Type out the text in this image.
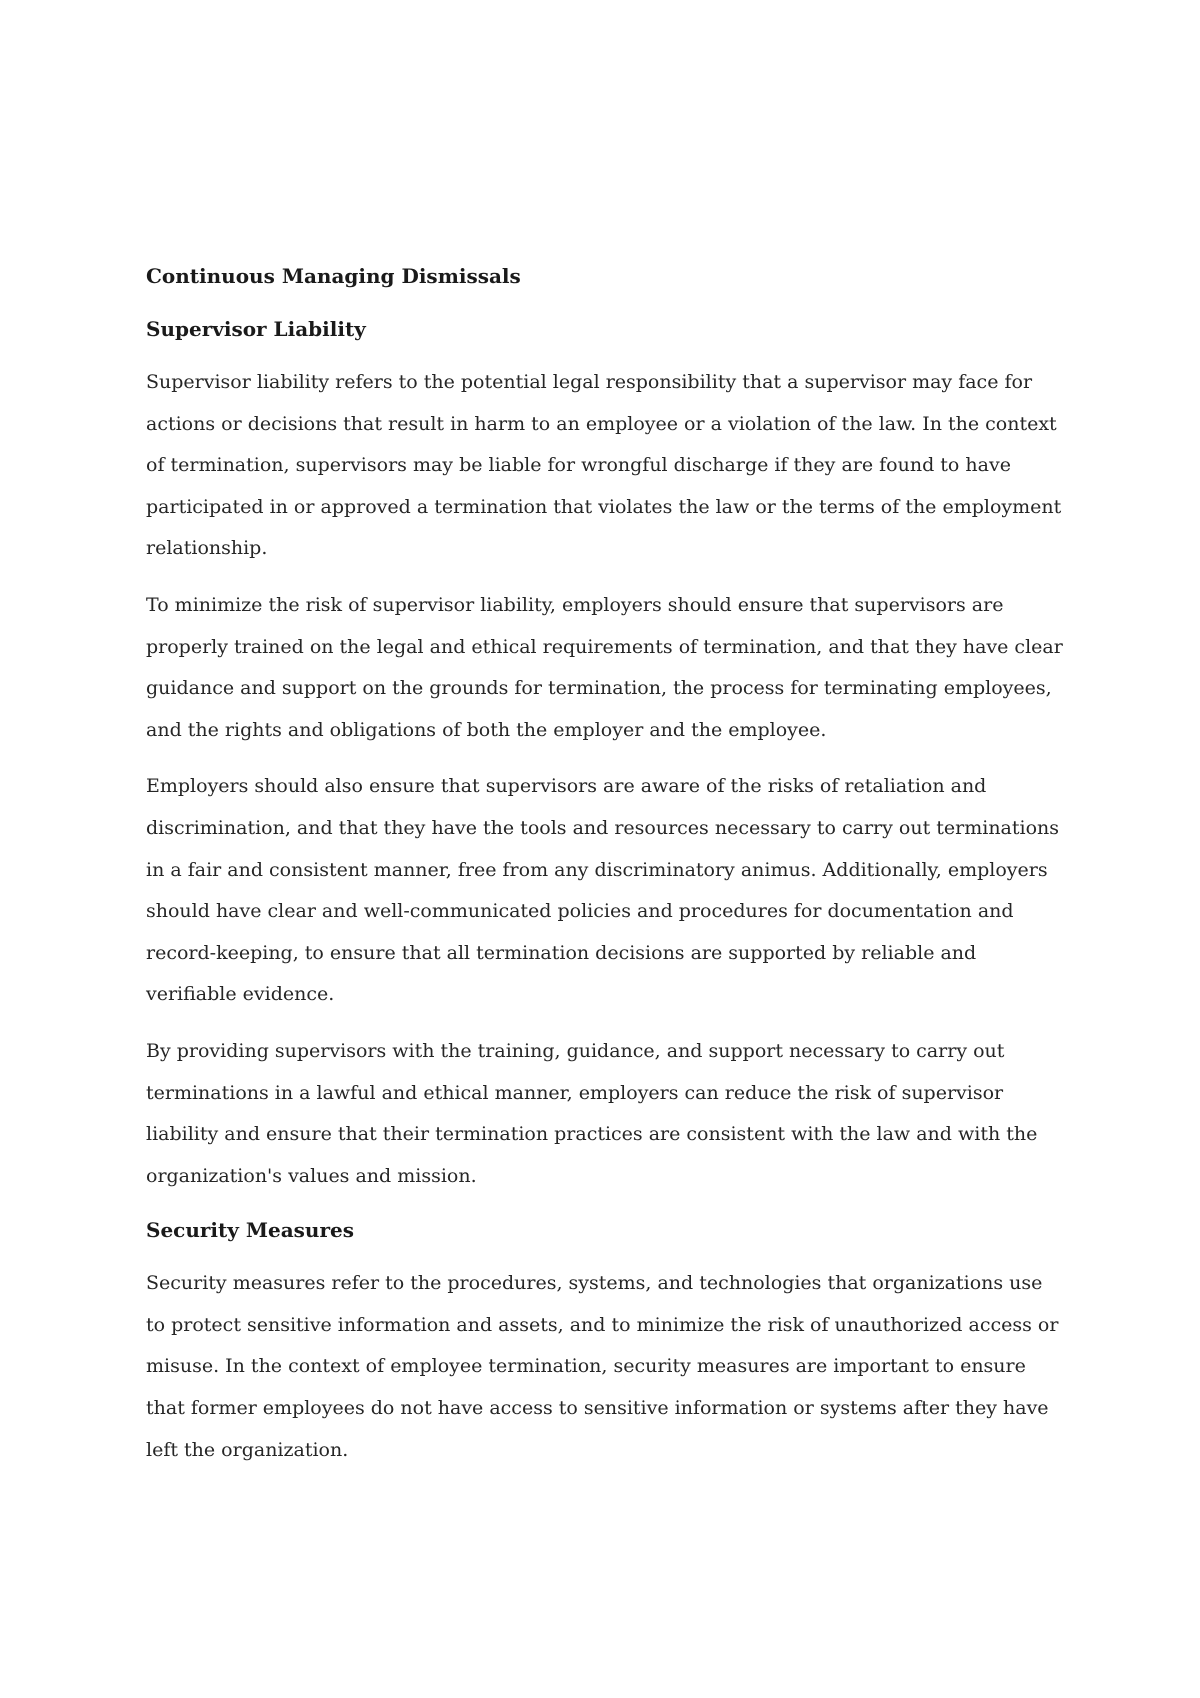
Continuous Managing Dismissals
Supervisor Liability

Supervisor liability refers to the potential legal responsibility that a supervisor may face for actions or decisions that result in harm to an employee or a violation of the law. In the context of termination, supervisors may be liable for wrongful discharge if they are found to have participated in or approved a termination that violates the law or the terms of the employment relationship.

To minimize the risk of supervisor liability, employers should ensure that supervisors are properly trained on the legal and ethical requirements of termination, and that they have clear guidance and support on the grounds for termination, the process for terminating employees, and the rights and obligations of both the employer and the employee.

Employers should also ensure that supervisors are aware of the risks of retaliation and discrimination, and that they have the tools and resources necessary to carry out terminations in a fair and consistent manner, free from any discriminatory animus. Additionally, employers should have clear and well-communicated policies and procedures for documentation and record-keeping, to ensure that all termination decisions are supported by reliable and verifiable evidence.

By providing supervisors with the training, guidance, and support necessary to carry out terminations in a lawful and ethical manner, employers can reduce the risk of supervisor liability and ensure that their termination practices are consistent with the law and with the organization's values and mission.

Security Measures

Security measures refer to the procedures, systems, and technologies that organizations use to protect sensitive information and assets, and to minimize the risk of unauthorized access or misuse. In the context of employee termination, security measures are important to ensure that former employees do not have access to sensitive information or systems after they have left the organization.
